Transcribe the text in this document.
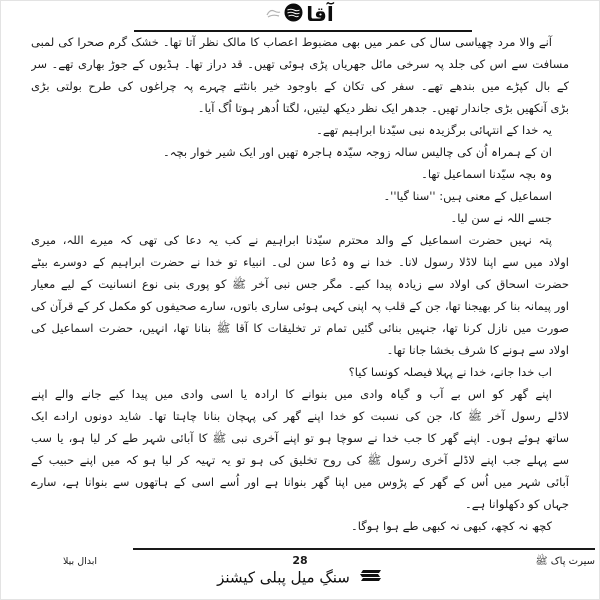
آقا
آنے والا مرد چھیاسی سال کی عمر میں بھی مضبوط اعصاب کا مالک نظر آتا تھا۔ خشک گرم صحرا کی لمبی
مسافت سے اس کی جلد پہ سرخی مائل جھریاں پڑی ہوئی تھیں۔ قد دراز تھا۔ ہڈیوں کے جوڑ بھاری تھے۔ سر
کے بال کپڑے میں بندھے تھے۔ سفر کی تکان کے باوجود خیر بانٹتے چہرے پہ چراغوں کی طرح بولتی بڑی
بڑی آنکھیں بڑی جاندار تھیں۔ جدھر ایک نظر دیکھ لیتیں، لگتا اُدھر ہوتا اُگ آیا۔
یہ خدا کے انتہائی برگزیدہ نبی سیّدنا ابراہیم تھے۔
ان کے ہمراہ اُن کی چالیس سالہ زوجہ سیّدہ ہاجرہ تھیں اور ایک شیر خوار بچہ۔
وہ بچہ سیّدنا اسماعیل تھا۔
اسماعیل کے معنی ہیں: ''سنا گیا''۔
جسے اللہ نے سن لیا۔
پتہ نہیں حضرت اسماعیل کے والد محترم سیّدنا ابراہیم نے کب یہ دعا کی تھی کہ میرے اللہ، میری
اولاد میں سے اپنا لاڈلا رسول لانا۔ خدا نے وہ دُعا سن لی۔ انبیاء تو خدا نے حضرت ابراہیم کے دوسرے بیٹے
حضرت اسحاق کی اولاد سے زیادہ پیدا کیے۔ مگر جس نبی آخر ﷺ کو پوری بنی نوع انسانیت کے لیے معیار
اور پیمانہ بنا کر بھیجنا تھا، جن کے قلب پہ اپنی کہی ہوئی ساری باتوں، سارے صحیفوں کو مکمل کر کے قرآن کی
صورت میں نازل کرنا تھا، جنہیں بنائی گئیں تمام تر تخلیقات کا آقا ﷺ بنانا تھا، انہیں، حضرت اسماعیل کی
اولاد سے ہونے کا شرف بخشا جانا تھا۔
اب خدا جانے، خدا نے پہلا فیصلہ کونسا کیا؟
اپنے گھر کو اس بے آب و گیاہ وادی میں بنوانے کا ارادہ یا اسی وادی میں پیدا کیے جانے والے اپنے
لاڈلے رسول آخر ﷺ کا، جن کی نسبت کو خدا اپنے گھر کی پہچان بنانا چاہتا تھا۔ شاید دونوں ارادے ایک
ساتھ ہوئے ہوں۔ اپنے گھر کا جب خدا نے سوچا ہو تو اپنے آخری نبی ﷺ کا آبائی شہر طے کر لیا ہو، یا سب
سے پہلے جب اپنے لاڈلے آخری رسول ﷺ کی روح تخلیق کی ہو تو یہ تہیہ کر لیا ہو کہ میں اپنے حبیب کے
آبائی شہر میں اُس کے گھر کے پڑوس میں اپنا گھر بنوانا ہے اور اُسے اسی کے ہاتھوں سے بنوانا ہے، سارے
جہاں کو دکھلوانا ہے۔
کچھ نہ کچھ، کبھی نہ کبھی طے ہوا ہوگا۔
سیرت پاک ﷺ
28
ابدال بیلا
سنگِ میل پبلی کیشنز
